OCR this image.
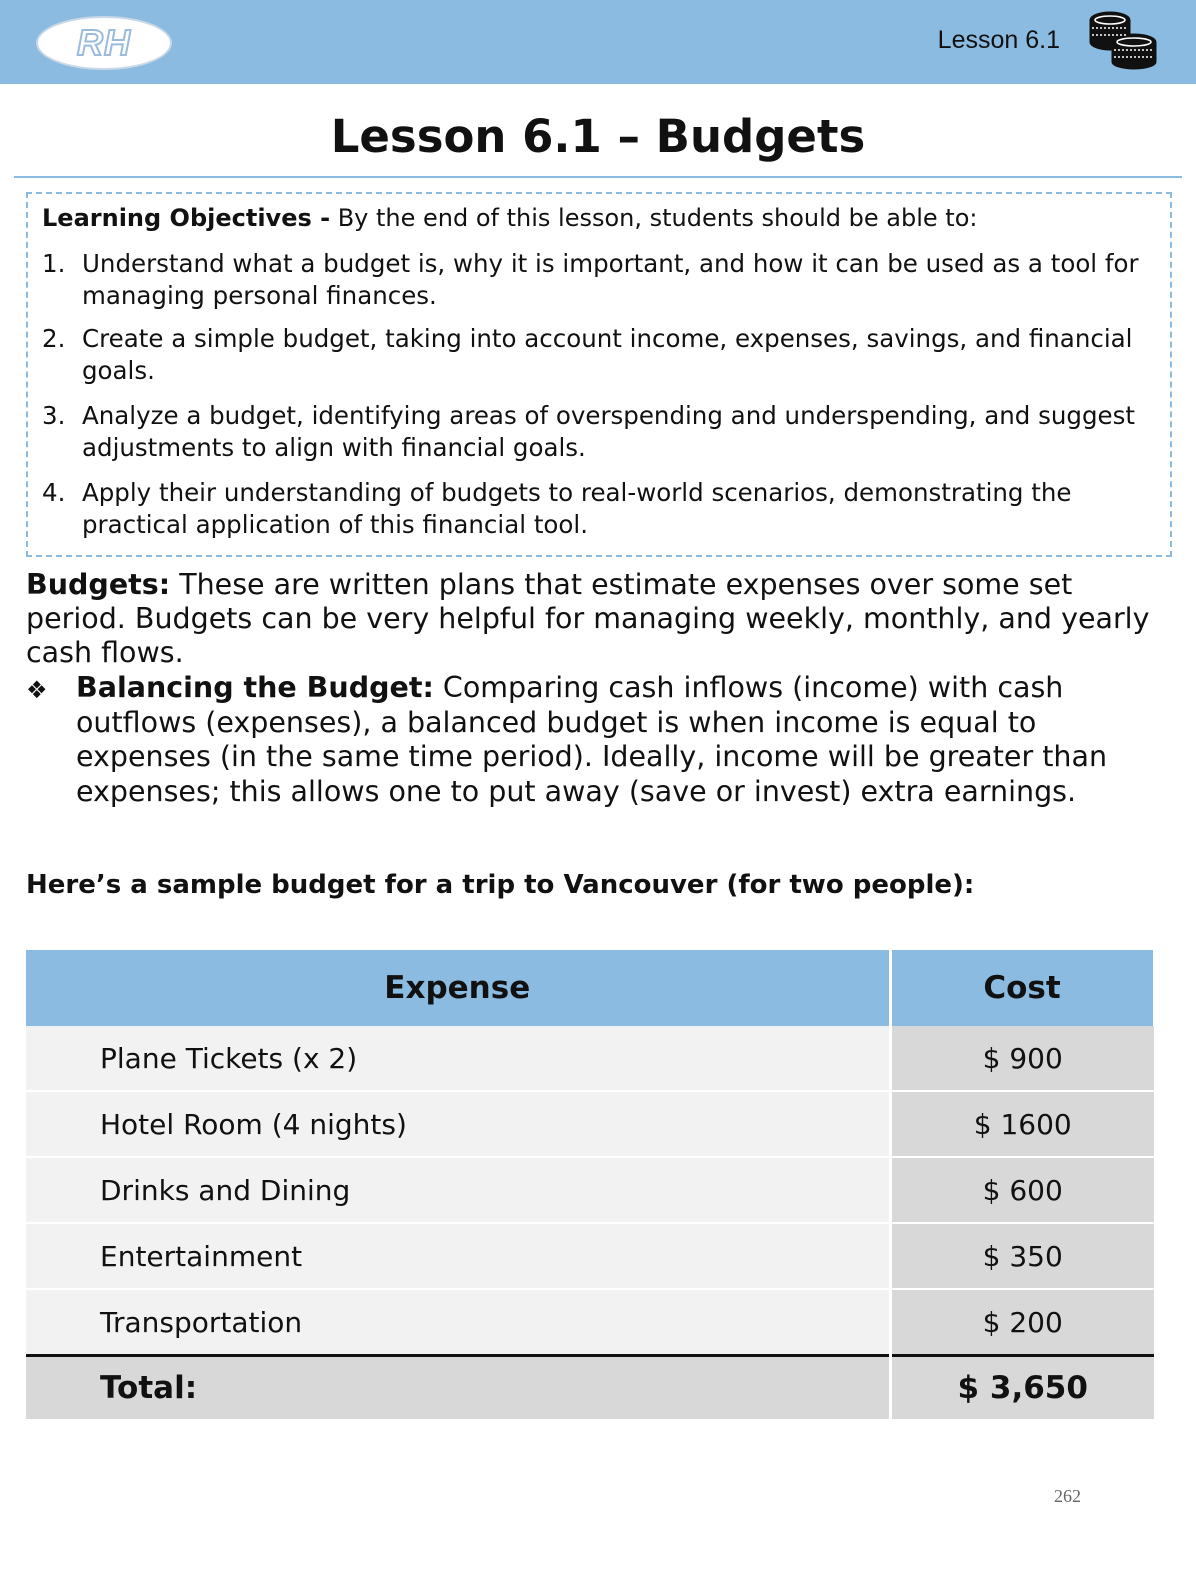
RH	Lesson 6.1
Lesson 6.1 – Budgets
Learning Objectives - By the end of this lesson, students should be able to:
1. Understand what a budget is, why it is important, and how it can be used as a tool for managing personal finances.
2. Create a simple budget, taking into account income, expenses, savings, and financial goals.
3. Analyze a budget, identifying areas of overspending and underspending, and suggest adjustments to align with financial goals.
4. Apply their understanding of budgets to real-world scenarios, demonstrating the practical application of this financial tool.
Budgets: These are written plans that estimate expenses over some set period. Budgets can be very helpful for managing weekly, monthly, and yearly cash flows.
❖ Balancing the Budget: Comparing cash inflows (income) with cash outflows (expenses), a balanced budget is when income is equal to expenses (in the same time period). Ideally, income will be greater than expenses; this allows one to put away (save or invest) extra earnings.
Here’s a sample budget for a trip to Vancouver (for two people):
Expense	Cost
Plane Tickets (x 2)	$ 900
Hotel Room (4 nights)	$ 1600
Drinks and Dining	$ 600
Entertainment	$ 350
Transportation	$ 200
Total:	$ 3,650
262
